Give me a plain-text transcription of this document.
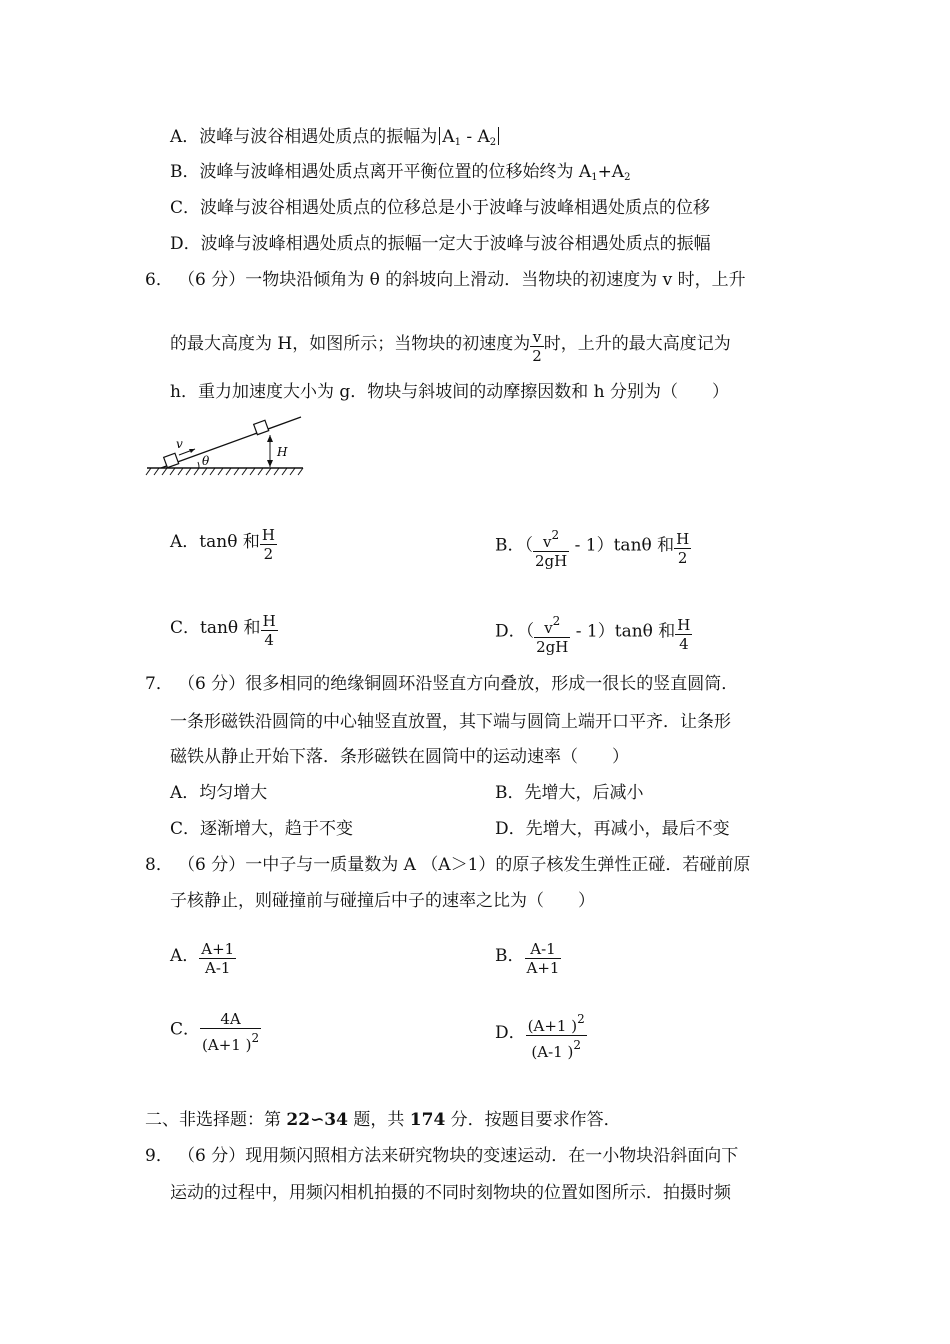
A．波峰与波谷相遇处质点的振幅为 $A_1 - A_2$
B．波峰与波峰相遇处质点离开平衡位置的位移始终为 $A_1+A_2$
C．波峰与波谷相遇处质点的位移总是小于波峰与波峰相遇处质点的位移
D．波峰与波峰相遇处质点的振幅一定大于波峰与波谷相遇处质点的振幅
6． （6 分）一物块沿倾角为 θ 的斜坡向上滑动．当物块的初速度为 v 时，上升
的最大高度为 H，如图所示；当物块的初速度为 $\frac{v}{2}$ 时，上升的最大高度记为
h．重力加速度大小为 g．物块与斜坡间的动摩擦因数和 h 分别为（　　）
v
θ
H
A．tanθ 和 $\frac{H}{2}$	B．（ $\frac{v^2}{2gH} - 1)\tan\theta$ 和 $\frac{H}{2}$
C．tanθ 和 $\frac{H}{4}$	D．（ $\frac{v^2}{2gH} - 1)\tan\theta$ 和 $\frac{H}{4}$
7． （6 分）很多相同的绝缘铜圆环沿竖直方向叠放，形成一很长的竖直圆筒．
一条形磁铁沿圆筒的中心轴竖直放置，其下端与圆筒上端开口平齐．让条形
磁铁从静止开始下落．条形磁铁在圆筒中的运动速率（　　）
A．均匀增大	B．先增大，后减小
C．逐渐增大，趋于不变	D．先增大，再减小，最后不变
8． （6 分）一中子与一质量数为 A （A＞1）的原子核发生弹性正碰．若碰前原
子核静止，则碰撞前与碰撞后中子的速率之比为（　　）
A． $\frac{A+1}{A-1}$	B． $\frac{A-1}{A+1}$
C． $\frac{4A}{(A+1 )^2}$	D． $\frac{(A+1 )^2}{(A-1 )^2}$
二、非选择题：第 22∽34 题，共 174 分．按题目要求作答．
9． （6 分）现用频闪照相方法来研究物块的变速运动．在一小物块沿斜面向下
运动的过程中，用频闪相机拍摄的不同时刻物块的位置如图所示．拍摄时频
